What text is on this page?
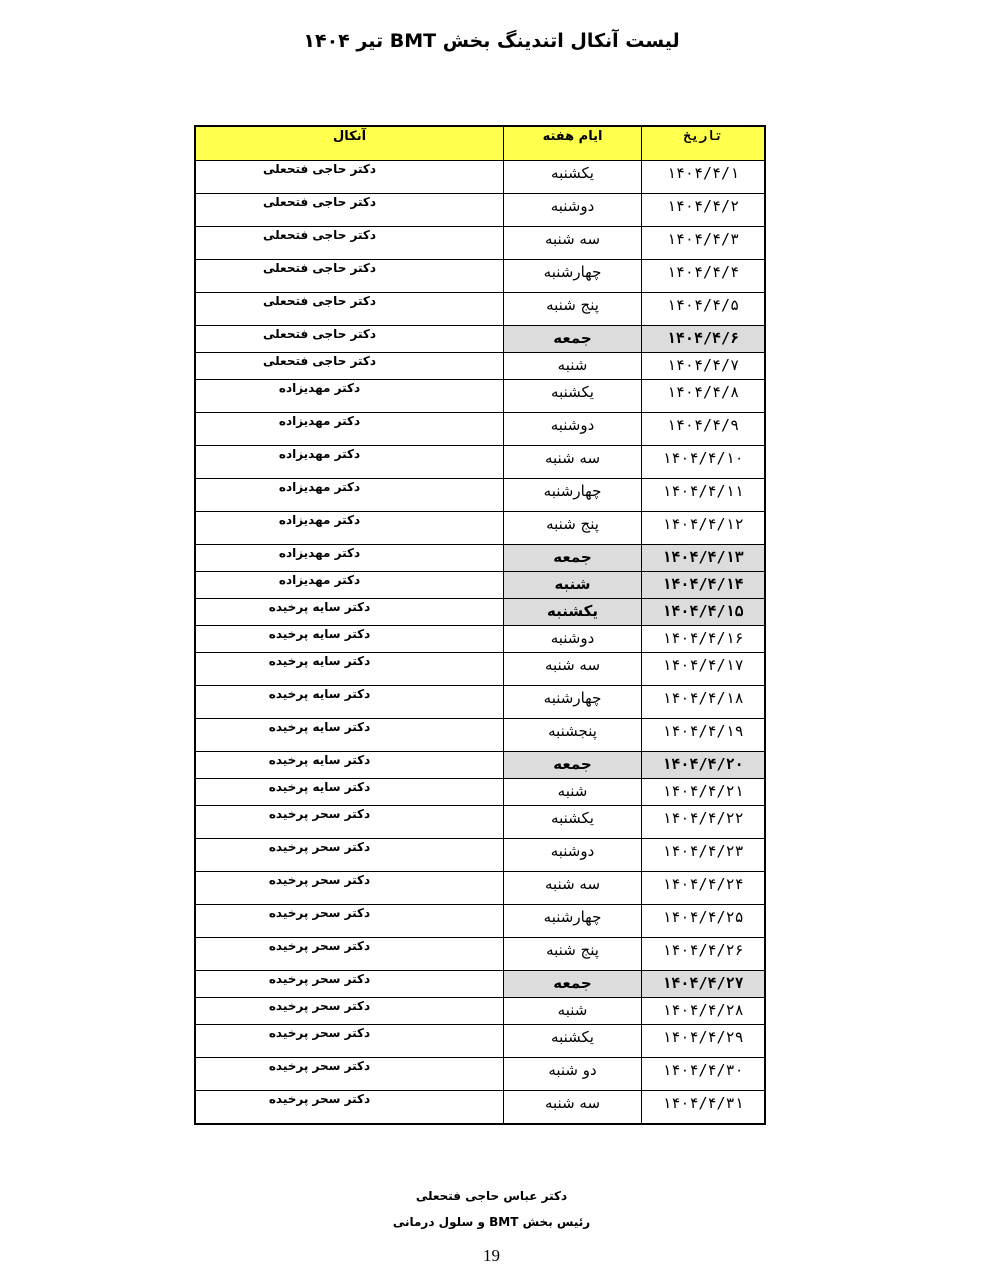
لیست آنکال اتندینگ بخش BMT تیر ۱۴۰۴
تاریخ
ایام هفته
آنکال
۱۴۰۴/۴/۱
یکشنبه
دکتر حاجی فتحعلی
۱۴۰۴/۴/۲
دوشنبه
دکتر حاجی فتحعلی
۱۴۰۴/۴/۳
سه شنبه
دکتر حاجی فتحعلی
۱۴۰۴/۴/۴
چهارشنبه
دکتر حاجی فتحعلی
۱۴۰۴/۴/۵
پنج شنبه
دکتر حاجی فتحعلی
۱۴۰۴/۴/۶
جمعه
دکتر حاجی فتحعلی
۱۴۰۴/۴/۷
شنبه
دکتر حاجی فتحعلی
۱۴۰۴/۴/۸
یکشنبه
دکتر مهدیزاده
۱۴۰۴/۴/۹
دوشنبه
دکتر مهدیزاده
۱۴۰۴/۴/۱۰
سه شنبه
دکتر مهدیزاده
۱۴۰۴/۴/۱۱
چهارشنبه
دکتر مهدیزاده
۱۴۰۴/۴/۱۲
پنج شنبه
دکتر مهدیزاده
۱۴۰۴/۴/۱۳
جمعه
دکتر مهدیزاده
۱۴۰۴/۴/۱۴
شنبه
دکتر مهدیزاده
۱۴۰۴/۴/۱۵
یکشنبه
دکتر سایه پرخیده
۱۴۰۴/۴/۱۶
دوشنبه
دکتر سایه پرخیده
۱۴۰۴/۴/۱۷
سه شنبه
دکتر سایه پرخیده
۱۴۰۴/۴/۱۸
چهارشنبه
دکتر سایه پرخیده
۱۴۰۴/۴/۱۹
پنجشنبه
دکتر سایه پرخیده
۱۴۰۴/۴/۲۰
جمعه
دکتر سایه پرخیده
۱۴۰۴/۴/۲۱
شنبه
دکتر سایه پرخیده
۱۴۰۴/۴/۲۲
یکشنبه
دکتر سحر پرخیده
۱۴۰۴/۴/۲۳
دوشنبه
دکتر سحر پرخیده
۱۴۰۴/۴/۲۴
سه شنبه
دکتر سحر پرخیده
۱۴۰۴/۴/۲۵
چهارشنبه
دکتر سحر پرخیده
۱۴۰۴/۴/۲۶
پنج شنبه
دکتر سحر پرخیده
۱۴۰۴/۴/۲۷
جمعه
دکتر سحر پرخیده
۱۴۰۴/۴/۲۸
شنبه
دکتر سحر پرخیده
۱۴۰۴/۴/۲۹
یکشنبه
دکتر سحر پرخیده
۱۴۰۴/۴/۳۰
دو شنبه
دکتر سحر پرخیده
۱۴۰۴/۴/۳۱
سه شنبه
دکتر سحر پرخیده
دکتر عباس حاجی فتحعلی
رئیس بخش BMT و سلول درمانی
19
